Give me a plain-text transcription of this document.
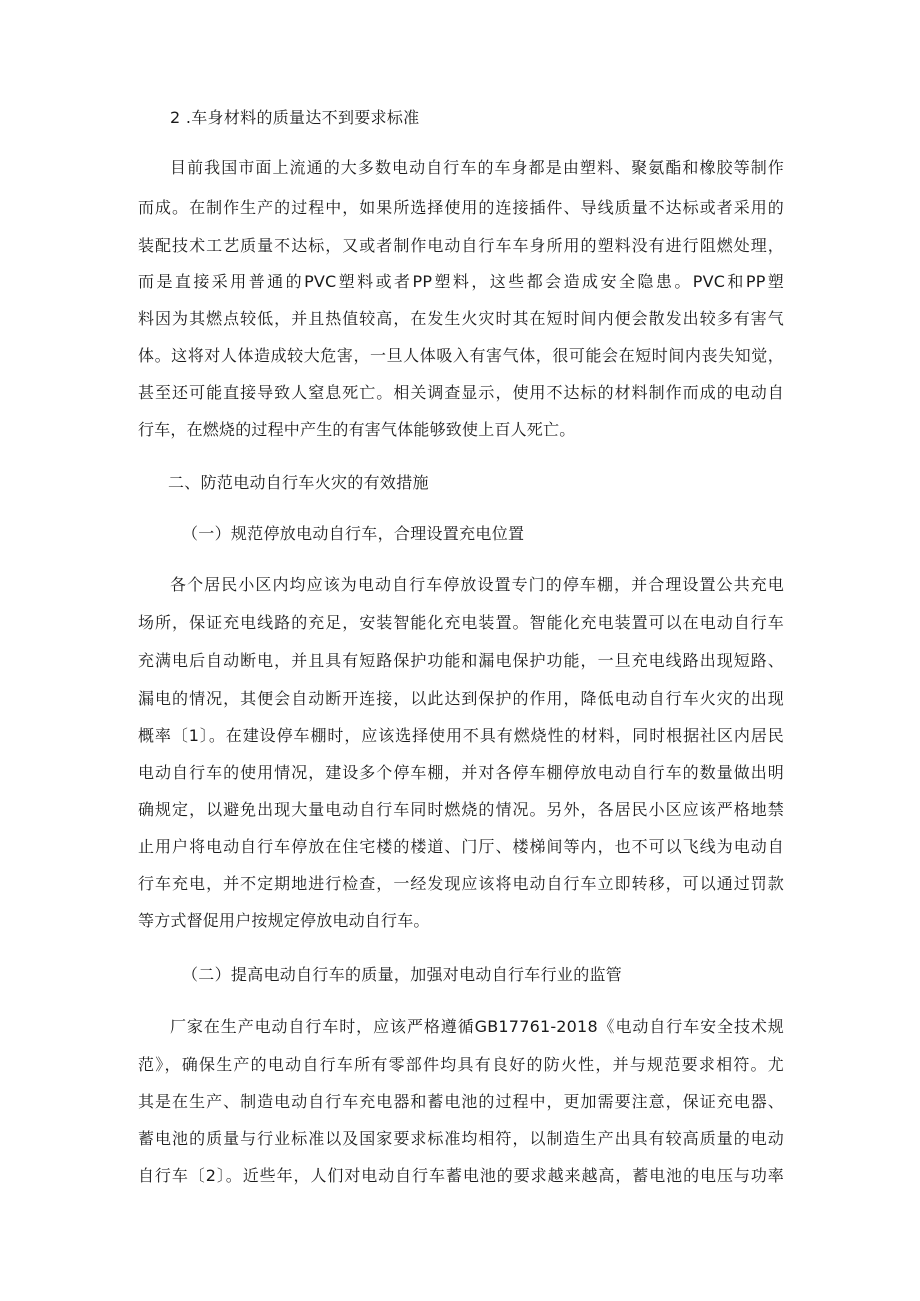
2 .车身材料的质量达不到要求标准
目前我国市面上流通的大多数电动自行车的车身都是由塑料、聚氨酯和橡胶等制作
而成。在制作生产的过程中，如果所选择使用的连接插件、导线质量不达标或者采用的
装配技术工艺质量不达标，又或者制作电动自行车车身所用的塑料没有进行阻燃处理，
而是直接采用普通的PVC塑料或者PP塑料，这些都会造成安全隐患。PVC和PP塑
料因为其燃点较低，并且热值较高，在发生火灾时其在短时间内便会散发出较多有害气
体。这将对人体造成较大危害，一旦人体吸入有害气体，很可能会在短时间内丧失知觉，
甚至还可能直接导致人窒息死亡。相关调查显示，使用不达标的材料制作而成的电动自
行车，在燃烧的过程中产生的有害气体能够致使上百人死亡。
二、防范电动自行车火灾的有效措施
（一）规范停放电动自行车，合理设置充电位置
各个居民小区内均应该为电动自行车停放设置专门的停车棚，并合理设置公共充电
场所，保证充电线路的充足，安装智能化充电装置。智能化充电装置可以在电动自行车
充满电后自动断电，并且具有短路保护功能和漏电保护功能，一旦充电线路出现短路、
漏电的情况，其便会自动断开连接，以此达到保护的作用，降低电动自行车火灾的出现
概率〔1〕。在建设停车棚时，应该选择使用不具有燃烧性的材料，同时根据社区内居民
电动自行车的使用情况，建设多个停车棚，并对各停车棚停放电动自行车的数量做出明
确规定，以避免出现大量电动自行车同时燃烧的情况。另外，各居民小区应该严格地禁
止用户将电动自行车停放在住宅楼的楼道、门厅、楼梯间等内，也不可以飞线为电动自
行车充电，并不定期地进行检查，一经发现应该将电动自行车立即转移，可以通过罚款
等方式督促用户按规定停放电动自行车。
（二）提高电动自行车的质量，加强对电动自行车行业的监管
厂家在生产电动自行车时，应该严格遵循GB17761-2018《电动自行车安全技术规
范》，确保生产的电动自行车所有零部件均具有良好的防火性，并与规范要求相符。尤
其是在生产、制造电动自行车充电器和蓄电池的过程中，更加需要注意，保证充电器、
蓄电池的质量与行业标准以及国家要求标准均相符，以制造生产出具有较高质量的电动
自行车〔2〕。近些年，人们对电动自行车蓄电池的要求越来越高，蓄电池的电压与功率
